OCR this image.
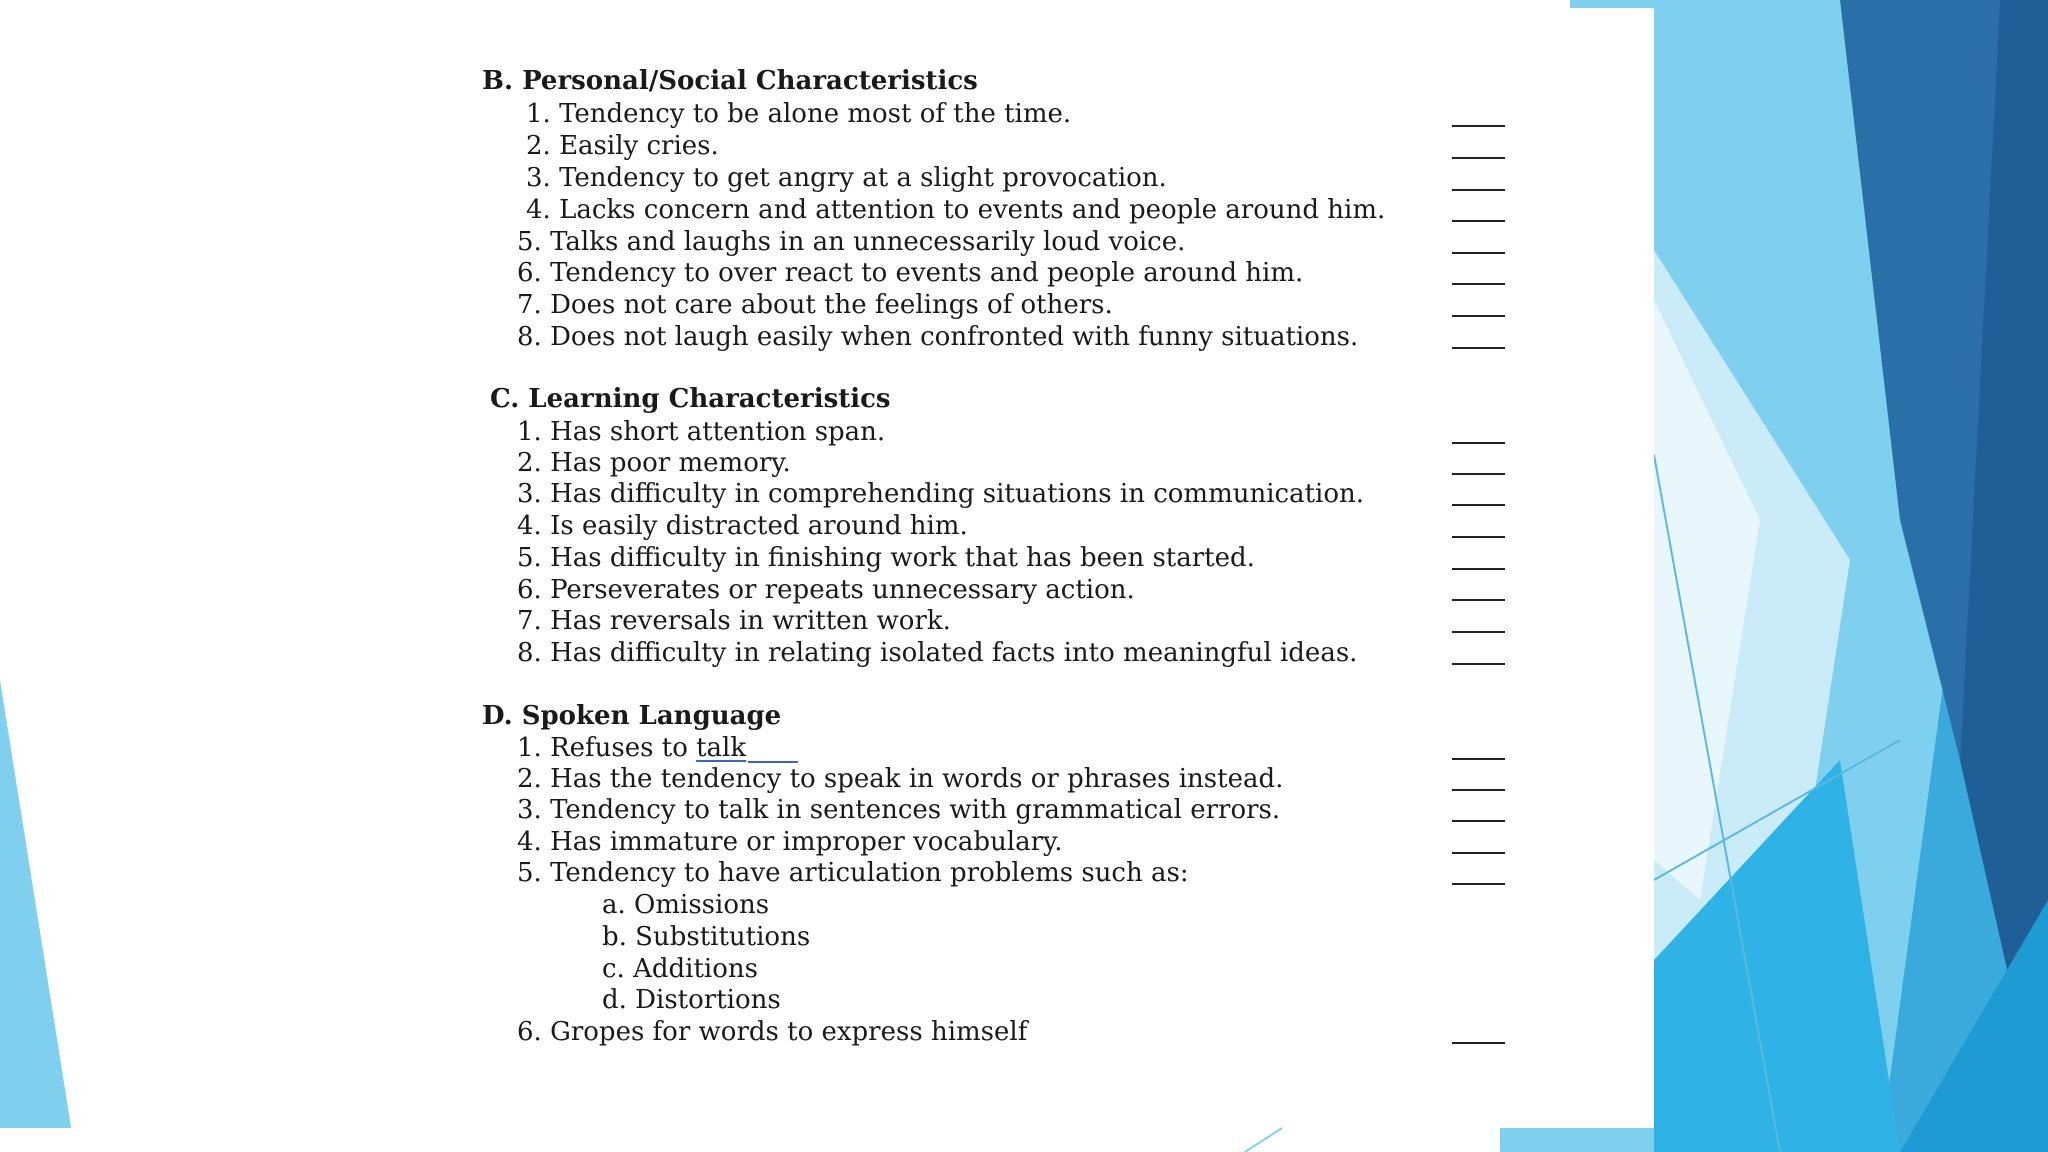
B. Personal/Social Characteristics
1. Tendency to be alone most of the time.
2. Easily cries.
3. Tendency to get angry at a slight provocation.
4. Lacks concern and attention to events and people around him.
5. Talks and laughs in an unnecessarily loud voice.
6. Tendency to over react to events and people around him.
7. Does not care about the feelings of others.
8. Does not laugh easily when confronted with funny situations.
C. Learning Characteristics
1. Has short attention span.
2. Has poor memory.
3. Has difficulty in comprehending situations in communication.
4. Is easily distracted around him.
5. Has difficulty in finishing work that has been started.
6. Perseverates or repeats unnecessary action.
7. Has reversals in written work.
8. Has difficulty in relating isolated facts into meaningful ideas.
D. Spoken Language
1. Refuses to talk
2. Has the tendency to speak in words or phrases instead.
3. Tendency to talk in sentences with grammatical errors.
4. Has immature or improper vocabulary.
5. Tendency to have articulation problems such as:
a. Omissions
b. Substitutions
c. Additions
d. Distortions
6. Gropes for words to express himself
